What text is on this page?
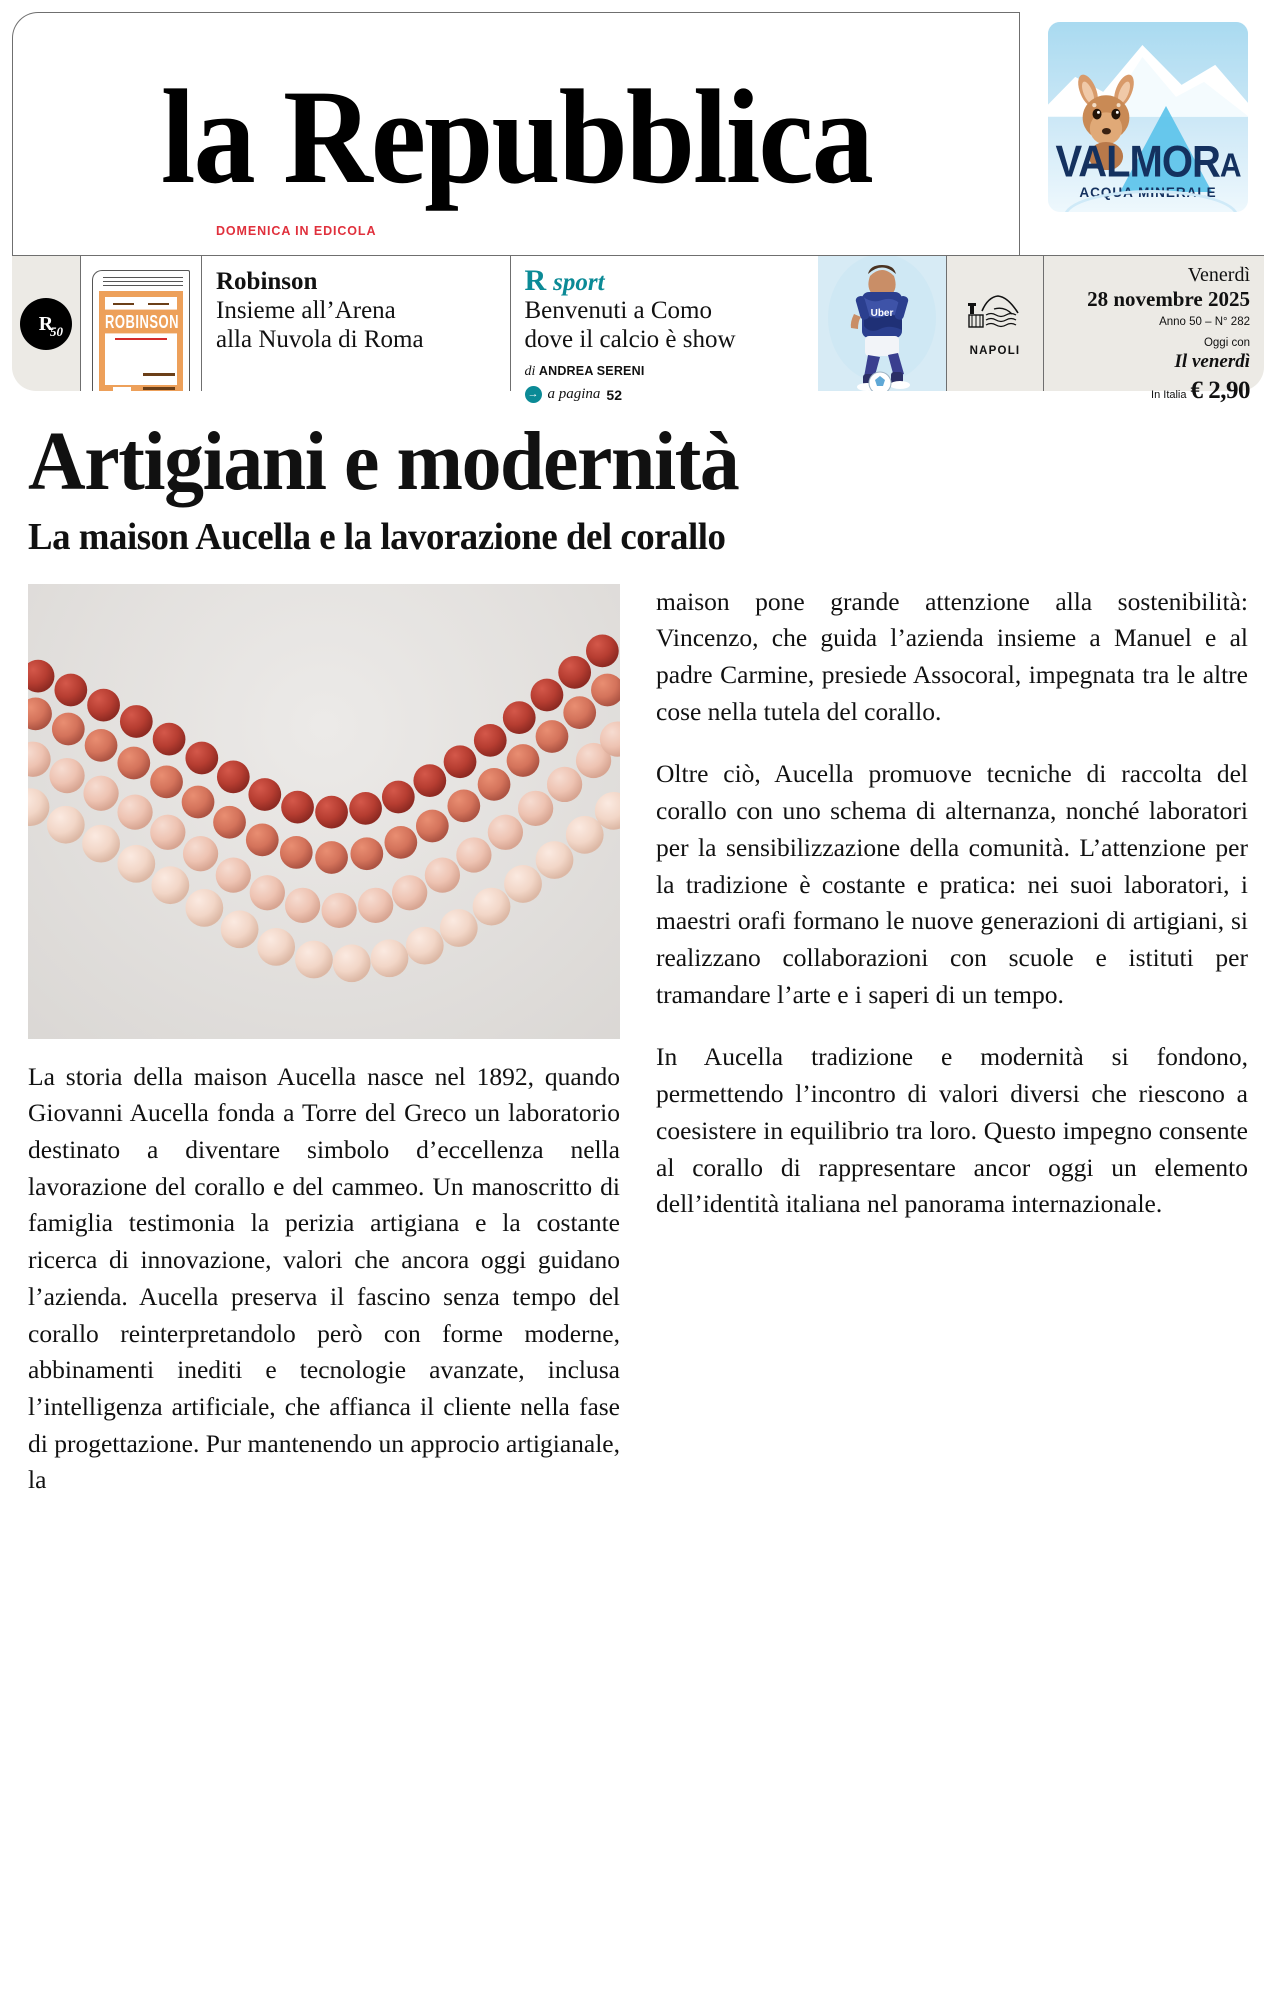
la Repubblica	VALMORA
ACQUA MINERALE
R
50	ROBINSON
DOMENICA IN EDICOLA
Robinson
Insieme all’Arena
alla Nuvola di Roma
R sport
Benvenuti a Como
dove il calcio è show
di ANDREA SERENI
→ a pagina 52
Uber
NAPOLI
Venerdì
28 novembre 2025
Anno 50 – N° 282
Oggi con
Il venerdì
In Italia € 2,90
Artigiani e modernità
La maison Aucella e la lavorazione del corallo

La storia della maison Aucella nasce nel 1892, quando Giovanni Aucella fonda a Torre del Greco un laboratorio destinato a diventare simbolo d’eccellenza nella lavorazione del corallo e del cammeo. Un manoscritto di famiglia testimonia la perizia artigiana e la costante ricerca di innovazione, valori che ancora oggi guidano l’azienda. Aucella preserva il fascino senza tempo del corallo reinterpretandolo però con forme moderne, abbinamenti inediti e tecnologie avanzate, inclusa l’intelligenza artificiale, che affianca il cliente nella fase di progettazione. Pur mantenendo un approcio artigianale, la

maison pone grande attenzione alla sostenibilità: Vincenzo, che guida l’azienda insieme a Manuel e al padre Carmine, presiede Assocoral, impegnata tra le altre cose nella tutela del corallo.

Oltre ciò, Aucella promuove tecniche di raccolta del corallo con uno schema di alternanza, nonché laboratori per la sensibilizzazione della comunità. L’attenzione per la tradizione è costante e pratica: nei suoi laboratori, i maestri orafi formano le nuove generazioni di artigiani, si realizzano collaborazioni con scuole e istituti per tramandare l’arte e i saperi di un tempo.

In Aucella tradizione e modernità si fondono, permettendo l’incontro di valori diversi che riescono a coesistere in equilibrio tra loro. Questo impegno consente al corallo di rappresentare ancor oggi un elemento dell’identità italiana nel panorama internazionale.
